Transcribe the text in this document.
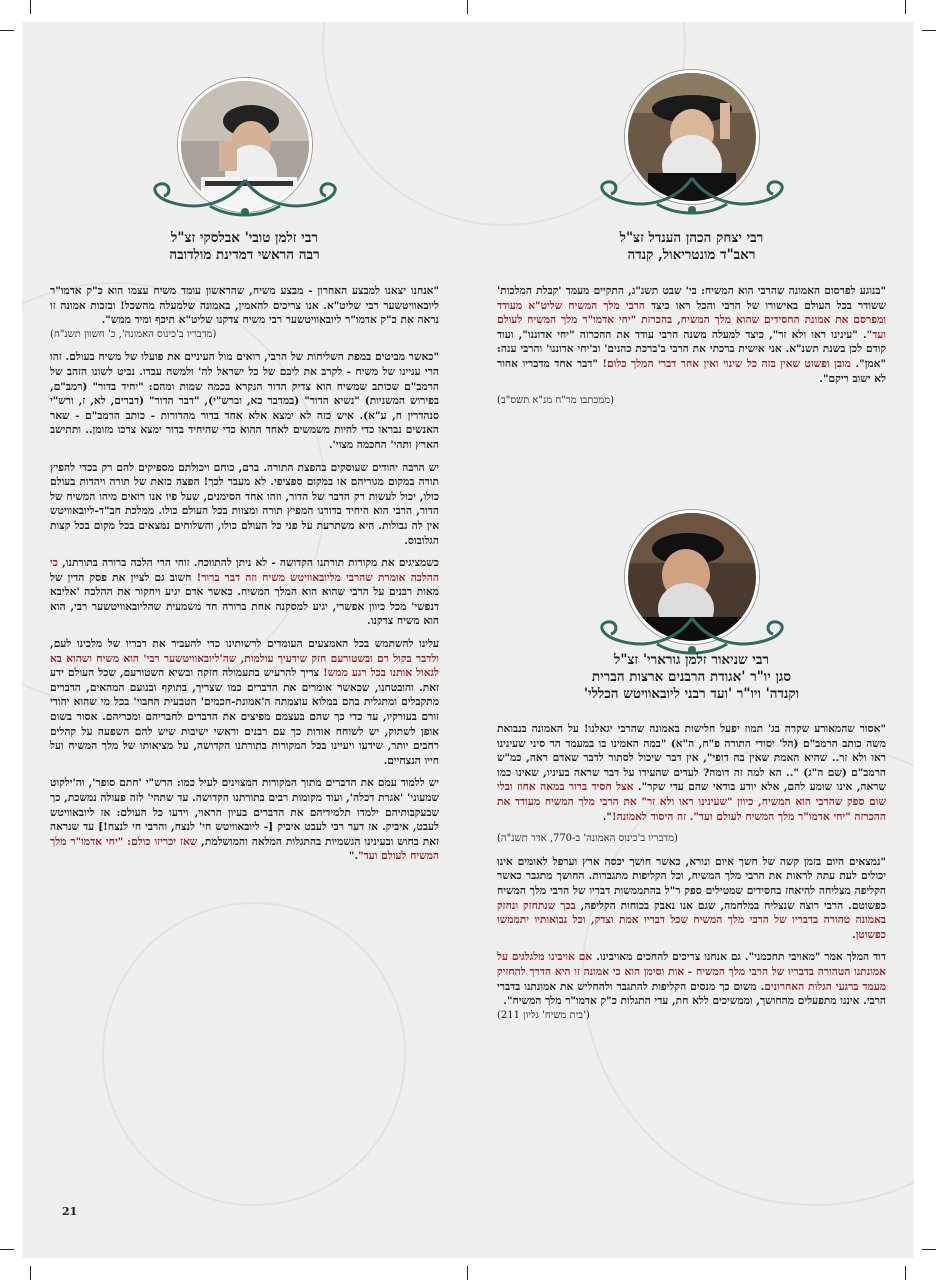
רבי יצחק הכהן הענדל זצ"ל
ראב"ד מונטריאול, קנדה

"בנוגע לפרסום האמונה שהרבי הוא המשיח: בי' שבט תשנ"ג, התקיים מעמד 'קבלת המלכות' ששודר בכל העולם באישורו של הרבי והכל ראו כיצד הרבי מלך המשיח שליט"א מעודד ומפרסם את אמונת החסידים שהוא מלך המשיח, בהכרזת "יחי אדמו"ר מלך המשיח לעולם ועד". "עינינו ראו ולא זר", כיצד למעלה משנה הרבי עודד את ההכרזה "יחי אדוננו", ועוד קודם לכן בשנת תשנ"א. אני אישית ברכתי את הרבי ב'ברכת כהנים' וב'יחי אדוננו' והרבי ענה: "אמן". מובן ופשוט שאין בזה כל שינוי ואין אחר דברי המלך כלום! "דבר אחד מדבריו אחור לא ישוב ריקם".

(ממכתבו מר"ח מנ"א תשס"ב)

רבי שניאור זלמן גורארי' זצ"ל
סגן יו"ר 'אגודת הרבנים ארצות הברית
וקנדה' ויו"ר 'ועד רבני ליובאוויטש הכללי'

"אסור שהמאורע שקרה בג' תמוז יפעל חלישות באמונה שהרבי יגאלנו! על האמונה בנבואת משה כותב הרמב"ם (הל' יסודי התורה פ"ח, ה"א) "במה האמינו בו במעמד הר סיני שעינינו ראו ולא זר.. שהיא האמת שאין בה דופי", אין דבר שיכול לסתור לדבר שאדם ראה, כמ"ש הרמב"ם (שם ה"ג) ".. הא למה זה דומה? לעדים שהעידו על דבר שראה בעיניו, שאינו כמו שראה, אינו שומע להם, אלא יודע בודאי שהם עדי שקר". אצל חסיד ברור במאה אחוז ובלי שום ספק שהרבי הוא המשיח, כיוון "שעינינו ראו ולא זר" את הרבי מלך המשיח מעודד את ההכרזה "יחי אדמו"ר מלך המשיח לעולם ועד". זה היסוד לאמונה!".

(מדבריו ב'כינוס האמונה' ב-770, אדר תשנ"ה)

"נמצאים היום בזמן קשה של חשך איום ונורא, כאשר חושך יכסה ארץ וערפל לאומים אינו יכולים לעת עתה לראות את הרבי מלך המשיח, וכל הקליפות מתגברות. החושך מתגבר כאשר הקליפה מצליחה להיאחז בחסידים שמטילים ספק ר"ל בהתממשות דבריו של הרבי מלך המשיח כפשוטם. הרבי רוצה שנצליח במלחמה, שגם אנו נאבק בכוחות הקליפה, בכך שנתחזק ונחזק באמונה טהורה בדבריו של הרבי מלך המשיח שכל דבריו אמת וצדק, וכל נבואותיו יתממשו כפשוטן.

דוד המלך אמר "מאויבי תחכמני". גם אנחנו צריכים להחכים מאויבינו. אם אויבינו מלגלגים על אמונתנו הטהורה בדבריו של הרבי מלך המשיח - אות וסימן הוא כי אמונה זו היא הדרך להחזיק מעמד ברגעי הגלות האחרונים. משום כך מנסים הקליפות להתגבר ולהחליש את אמונתנו בדברי הרבי. איננו מתפעלים מהחושך, וממשיכים ללא חת, עדי התגלות כ"ק אדמו"ר מלך המשיח".

('בית משיח' גליון 211)

רבי זלמן טובי' אבלסקי זצ"ל
רבה הראשי דמדינת מולדובה

"אנחנו יצאנו למבצע האחרון - מבצע משיח, שהראשון עומד משיח עצמו הוא כ"ק אדמו"ר ליובאוויטשער רבי שליט"א. אנו צריכים להאמין, באמונה שלמעלה מהשכל! ובזכות אמונה זו נראה את כ"ק אדמו"ר ליובאוויטשער רבי משיח צדקנו שליט"א תיכף ומיד ממש".

(מדבריו ב'כינוס האמונה', כ' חשוון תשנ"ח)

"כאשר מביטים במפת השליחות של הרבי, רואים מול העיניים את פועלו של משיח בעולם. זהו הרי עניינו של משיח - לקרב את ליבם של כל ישראל לה' ולמשה עבדו. נביט לשונו הזהב של הרמב"ם שכותב שמשיח הוא צדיק הדור הנקרא בכמה שמות ומהם: "יחיד בדור" (רמב"ם, בפירוש המשניות) "נשיא הדור" (במדבר כא, וברש"י), "דבר הדור" (דברים, לא, ז, ורש"י סנהדרין ח, ע"א). איש כזה לא ימצא אלא אחד בדור מהדורות - כותב הרמב"ם - שאר האנשים נבראו כדי להיות משמשים לאחד ההוא כדי שהיחיד בדור ימצא צרכו מזומן.. ותתישב הארץ ותהי' החכמה מצוי'.

יש הרבה יהודים שעוסקים בהפצת התורה. ברם, כוחם ויכולתם מספיקים להם רק בכדי להפיץ תורה במקום מגוריהם או במקום ספציפי. לא מעבר לכך! הפצה כזאת של תורה ויהדות בעולם כולו, יכול לעשות רק הדבר של הדור, וזהו אחד הסימנים, שעל פיו אנו רואים מיהו המשיח של הדור, הרבי הוא היחיד בדורנו המפיץ תורה ומצוות בכל העולם כולו. ממלכת חב"ד-ליובאוויטש אין לה גבולות. היא משתרעת על פני כל העולם כולו, והשלוחים נמצאים בכל מקום בכל קצות הגלובוס.

כשמציגים את מקורות תורתנו הקדושה - לא ניתן להתווכח. זוהי הרי הלכה ברורה בתורתנו, כי ההלכה אומרת שהרבי מליובאוויטש משיח וזה דבר ברור! חשוב גם לציין את פסק הדין של מאות רבנים על הרבי שהוא הוא המלך המשיח. כאשר אדם יגיע ויחקור את ההלכה 'אליבא דנפשי' מכל כיוון אפשרי, יגיע למסקנה אחת ברורה חד משמעית שהליובאוויטשער רבי, הוא הוא משיח צדקנו.

עלינו להשתמש בכל האמצעים העומדים לרשותינו כדי להעביר את דבריו של מלכינו לעם, ולדבר בקול רם ובשטורעם חזק שידעיך עולמות, שה'ליובאוויטשער רבי' הוא משיח ושהוא בא לגאול אותנו בכל רגע ממש! צריך להרעיש בתעמולה חזקה ובשיא השטורעם, שכל העולם ידע זאת. והובטחנו, שכאשר אומרים את הדברים כמו שצריך, בתוקף ובנועם המהאים, הדברים מתקבלים ומתגלית בהם במלוא עוצמתה ה'אמונת-חכמים' הטבעית החבוי' בכל מי שהוא יהודי זורם בעורקיו, עד כדי כך שהם בעצמם מפיצים את הדברים לחבריהם ומכריהם. אסור בשום אופן לשתוק, יש לשוחח אודות כך עם רבנים וראשי ישיבות שיש להם השפעה על קהלים רחבים יותר, שידעו ויעיינו בכל המקורות בתורתנו הקדושה, על מציאותו של מלך המשיח ועל חייו הנצחיים.

יש ללמוד עמם את הדברים מתוך המקורות המצוינים לעיל כמו: הרש"י 'חתם סופר', וה'ילקוט שמעוני' 'אגרת דכלה', ועוד מקומות רבים בתורתנו הקדושה. עד שתהי' לזה פעולה נמשכת, כך שבעקבותיהם ילמדו תלמידיהם את הדברים בעיון הראוי, וידעו כל העולם: אז ליובאוויטש לעבט, איביק. אז דער רבי לעבט איביק [- ליובאוויטש חי' לנצח, והרבי חי לנצח!] עד שנראה זאת בחוש ובעינינו הגשמיות בהתגלות המלאה והמושלמת, שאז יכריזו כולם: "יחי אדמו"ר מלך המשיח לעולם ועד"."

21
